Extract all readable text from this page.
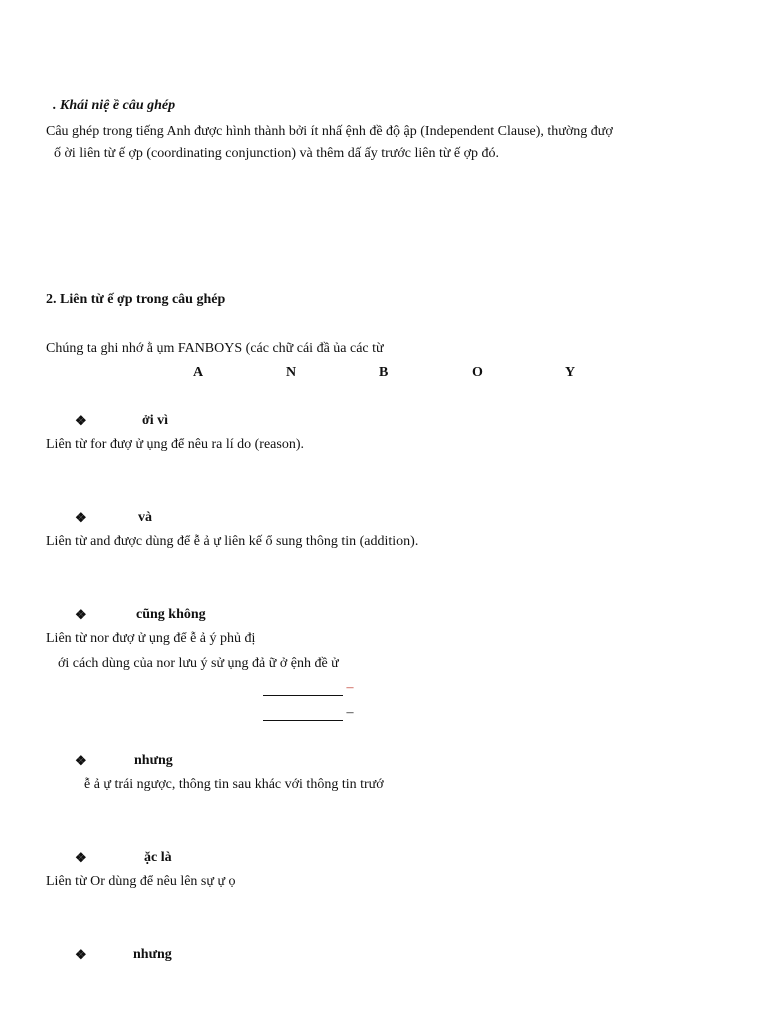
. Khái niệ ề câu ghép
Câu ghép trong tiếng Anh được hình thành bởi ít nhấ ệnh đề độ ập (Independent Clause), thường đượ
ố ời liên từ ế ợp (coordinating conjunction) và thêm dấ ấy trước liên từ ế ợp đó.
2. Liên từ ế ợp trong câu ghép
Chúng ta ghi nhớ ằ ụm FANBOYS (các chữ cái đầ ủa các từ
A	N	B	O	Y
❖	ởi vì
Liên từ for đượ ử ụng để nêu ra lí do (reason).
❖	và
Liên từ and được dùng để ễ ả ự liên kế ổ sung thông tin (addition).
❖	cũng không
Liên từ nor đượ ử ụng để ễ ả ý phủ đị
ới cách dùng của nor lưu ý sử ụng đả ữ ở ệnh đề ử
–
–
❖	nhưng
ễ ả ự trái ngược, thông tin sau khác với thông tin trướ
❖	ặc là
Liên từ Or dùng để nêu lên sự ự ọ
❖	nhưng
